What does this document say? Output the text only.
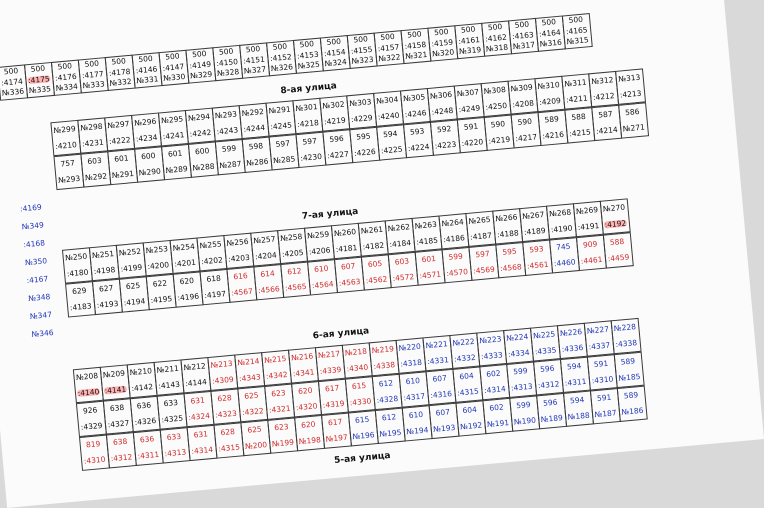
500
:4174
№336
500
:4175
№335
500
:4176
№334
500
:4177
№333
500
:4178
№332
500
:4146
№331
500
:4147
№330
500
:4149
№329
500
:4150
№328
500
:4151
№327
500
:4152
№326
500
:4153
№325
500
:4154
№324
500
:4155
№323
500
:4157
№322
500
:4158
№321
500
:4159
№320
500
:4161
№319
500
:4162
№318
500
:4163
№317
500
:4164
№316
500
:4165
№315
8-ая улица
№299
:4210
№298
:4231
№297
:4222
№296
:4234
№295
:4241
№294
:4242
№293
:4243
№292
:4244
№291
:4245
№301
:4218
№302
:4219
№303
:4229
№304
:4240
№305
:4246
№306
:4248
№307
:4249
№308
:4250
№309
:4208
№310
:4209
№311
:4211
№312
:4212
№313
:4213
757
№293
603
№292
601
№291
600
№290
601
№289
600
№288
599
№287
598
№286
597
№285
597
:4230
596
:4227
595
:4226
594
:4225
593
:4224
592
:4223
591
:4220
590
:4219
590
:4217
589
:4216
588
:4215
587
:4214
586
№271
7-ая улица
№250
:4180
№251
:4198
№252
:4199
№253
:4200
№254
:4201
№255
:4202
№256
:4203
№257
:4204
№258
:4205
№259
:4206
№260
:4181
№261
:4182
№262
:4184
№263
:4185
№264
:4186
№265
:4187
№266
:4188
№267
:4189
№268
:4190
№269
:4191
№270
:4192
629
:4183
627
:4193
625
:4194
622
:4195
620
:4196
618
:4197
616
:4567
614
:4566
612
:4565
610
:4564
607
:4563
605
:4562
603
:4572
601
:4571
599
:4570
597
:4569
595
:4568
593
:4561
745
:4460
909
:4461
588
:4459
6-ая улица
№208
:4140
№209
:4141
№210
:4142
№211
:4143
№212
:4144
№213
:4309
№214
:4343
№215
:4342
№216
:4341
№217
:4339
№218
:4340
№219
:4338
№220
:4318
№221
:4331
№222
:4332
№223
:4333
№224
:4334
№225
:4335
№226
:4336
№227
:4337
№228
:4338
926
:4329
638
:4327
636
:4326
633
:4325
631
:4324
628
:4323
625
:4322
623
:4321
620
:4320
617
:4319
615
:4330
612
:4328
610
:4317
607
:4316
604
:4315
602
:4314
599
:4313
596
:4312
594
:4311
591
:4310
589
№185
819
:4310
638
:4312
636
:4311
633
:4313
631
:4314
628
:4315
625
№200
623
№199
620
№198
617
№197
615
№196
612
№195
610
№194
607
№193
604
№192
602
№191
599
№190
596
№189
594
№188
591
№187
589
№186
5-ая улица
:4169
№349
:4168
№350
:4167
№348
№347
№346
